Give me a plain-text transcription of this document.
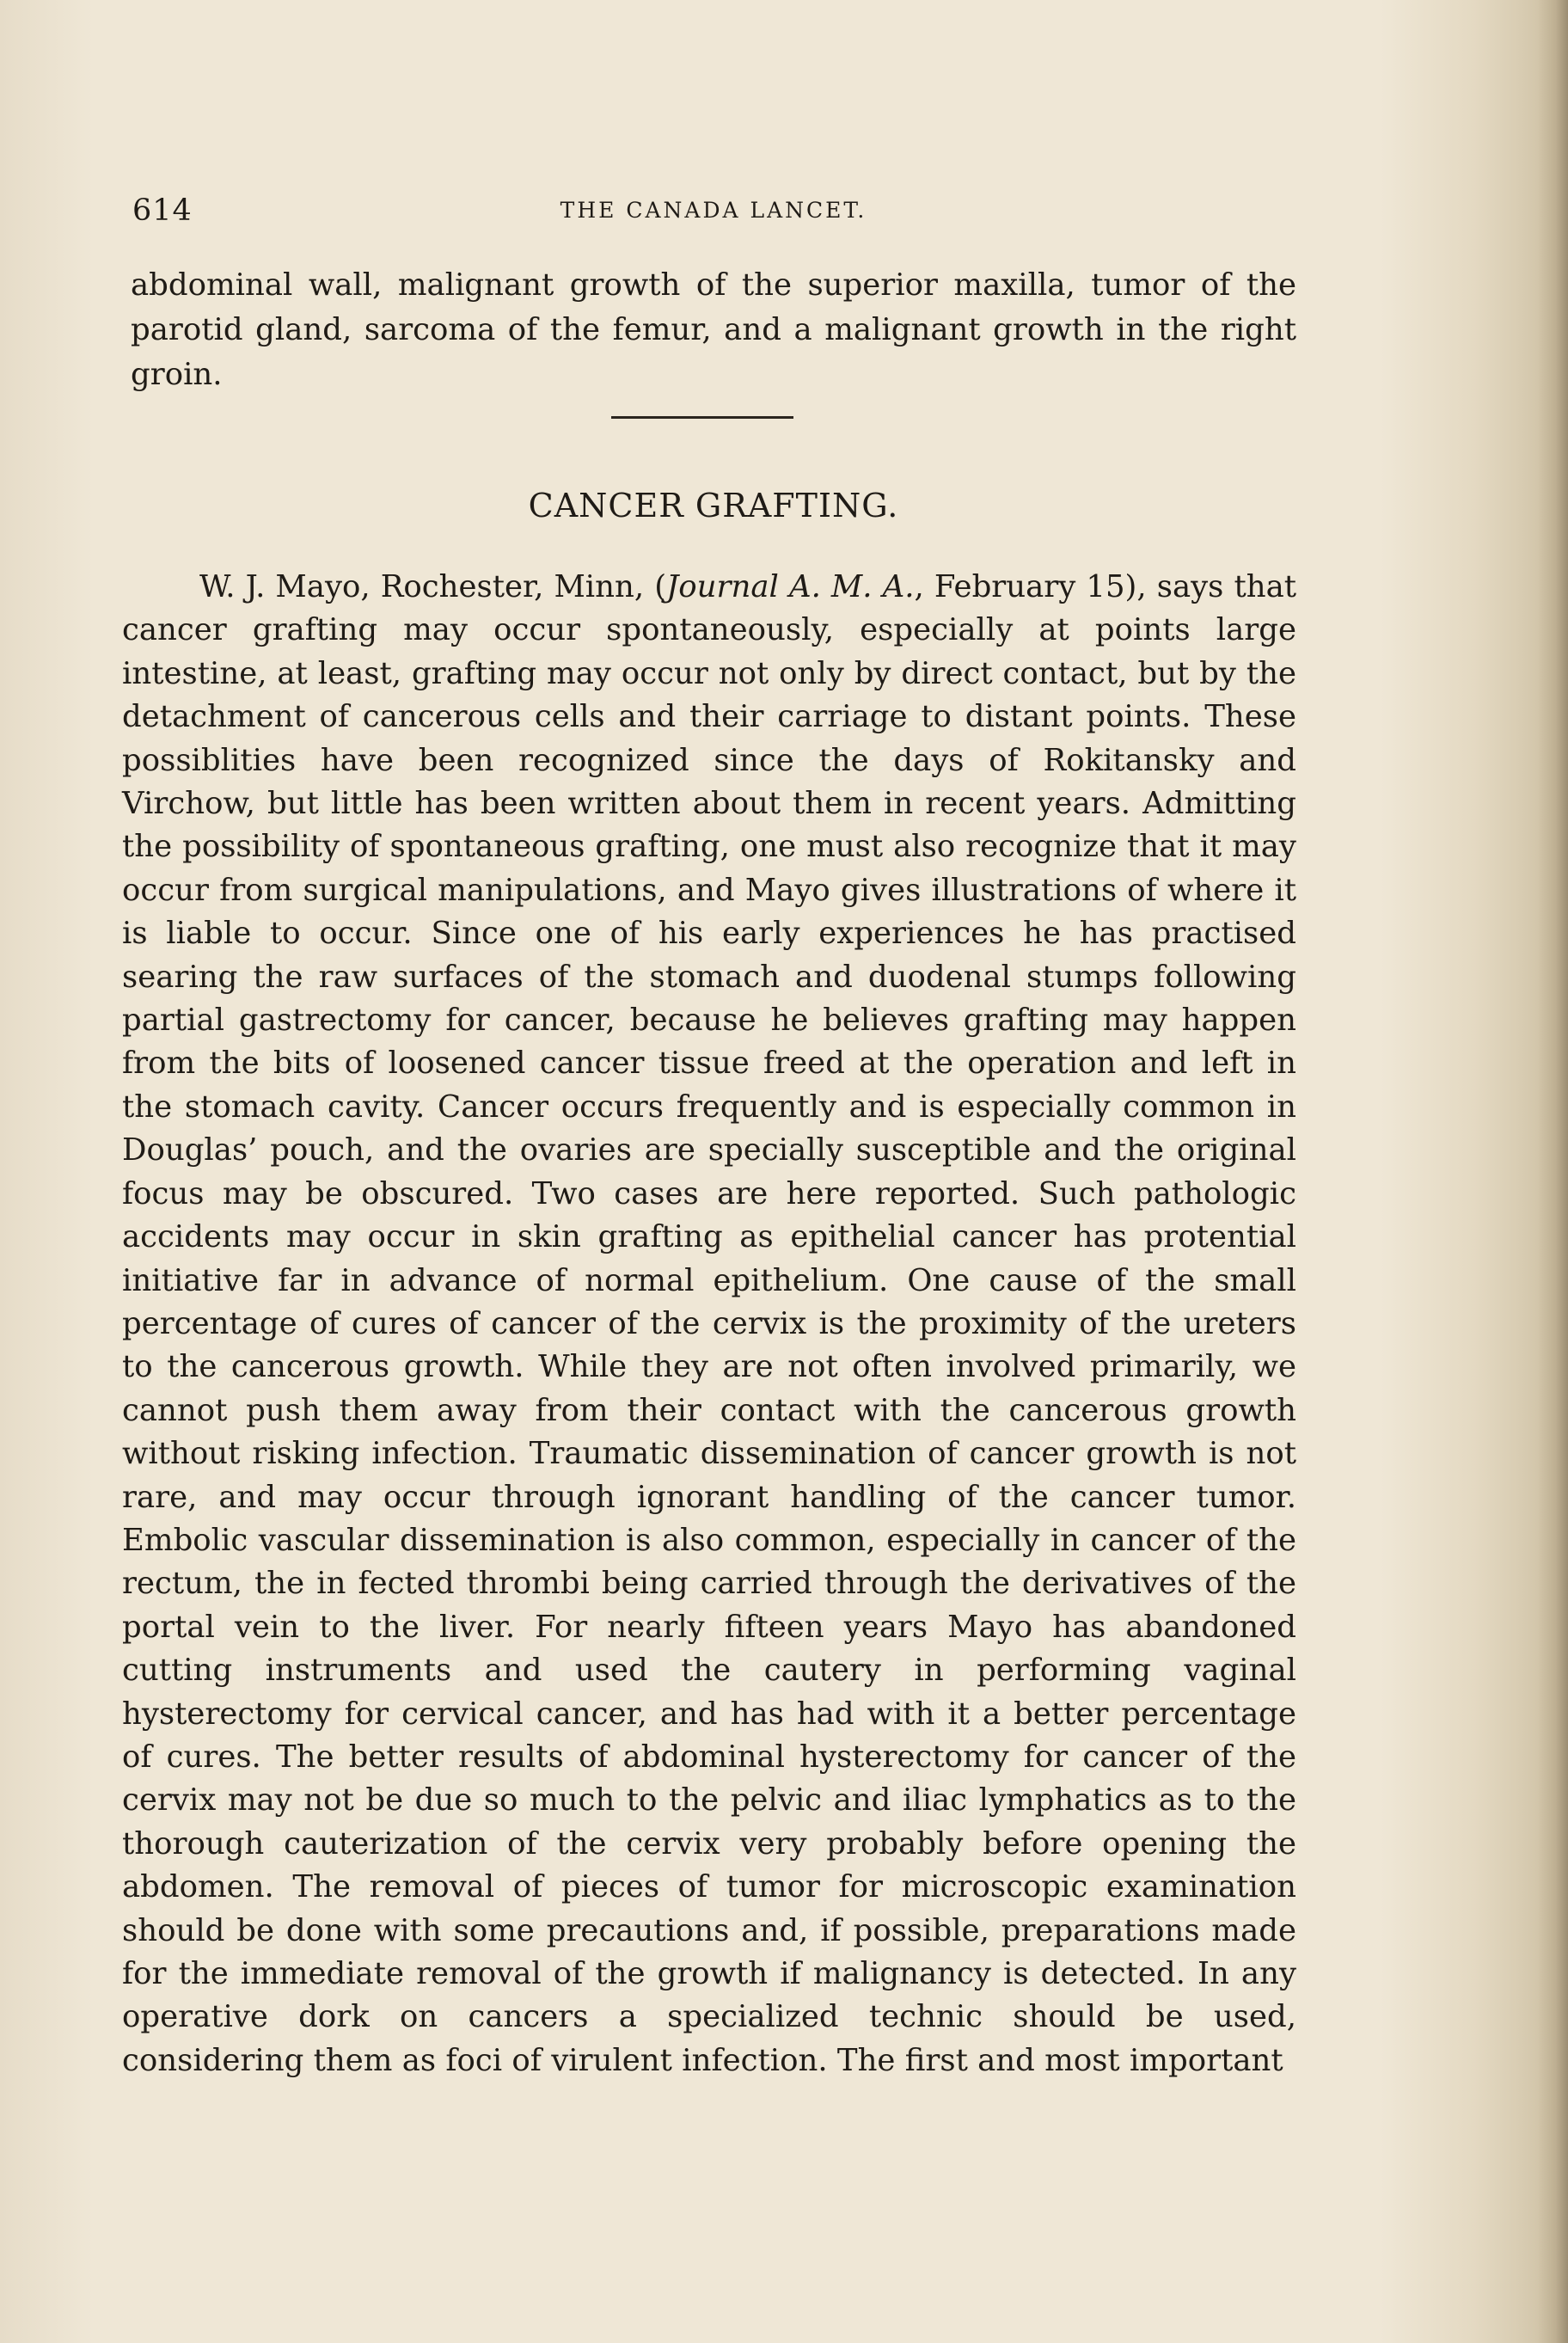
614	THE CANADA LANCET.

abdominal wall, malignant growth of the superior maxilla, tumor of the parotid gland, sarcoma of the femur, and a malignant growth in the right groin.

CANCER GRAFTING.

W. J. Mayo, Rochester, Minn, (Journal A. M. A., February 15), says that cancer grafting may occur spontaneously, especially at points large intestine, at least, grafting may occur not only by direct contact, but by the detachment of cancerous cells and their carriage to distant points. These possiblities have been recognized since the days of Rokitansky and Virchow, but little has been written about them in recent years. Admitting the possibility of spontaneous grafting, one must also recognize that it may occur from surgical manipulations, and Mayo gives illustrations of where it is liable to occur. Since one of his early experiences he has practised searing the raw surfaces of the stomach and duodenal stumps following partial gastrectomy for cancer, because he believes grafting may happen from the bits of loosened cancer tissue freed at the operation and left in the stomach cavity. Cancer occurs frequently and is especially common in Douglas’ pouch, and the ovaries are specially susceptible and the original focus may be obscured. Two cases are here reported. Such pathologic accidents may occur in skin grafting as epithelial cancer has protential initiative far in advance of normal epithelium. One cause of the small percentage of cures of cancer of the cervix is the proximity of the ureters to the cancerous growth. While they are not often involved primarily, we cannot push them away from their contact with the cancerous growth without risking infection. Traumatic dissemination of cancer growth is not rare, and may occur through ignorant handling of the cancer tumor. Embolic vascular dissemination is also common, especially in cancer of the rectum, the in fected thrombi being carried through the derivatives of the portal vein to the liver. For nearly fifteen years Mayo has abandoned cutting instruments and used the cautery in performing vaginal hysterectomy for cervical cancer, and has had with it a better percentage of cures. The better results of abdominal hysterectomy for cancer of the cervix may not be due so much to the pelvic and iliac lymphatics as to the thorough cauterization of the cervix very probably before opening the abdomen. The removal of pieces of tumor for microscopic examination should be done with some precautions and, if possible, preparations made for the immediate removal of the growth if malignancy is detected. In any operative dork on cancers a specialized technic should be used, considering them as foci of virulent infection. The first and most important
